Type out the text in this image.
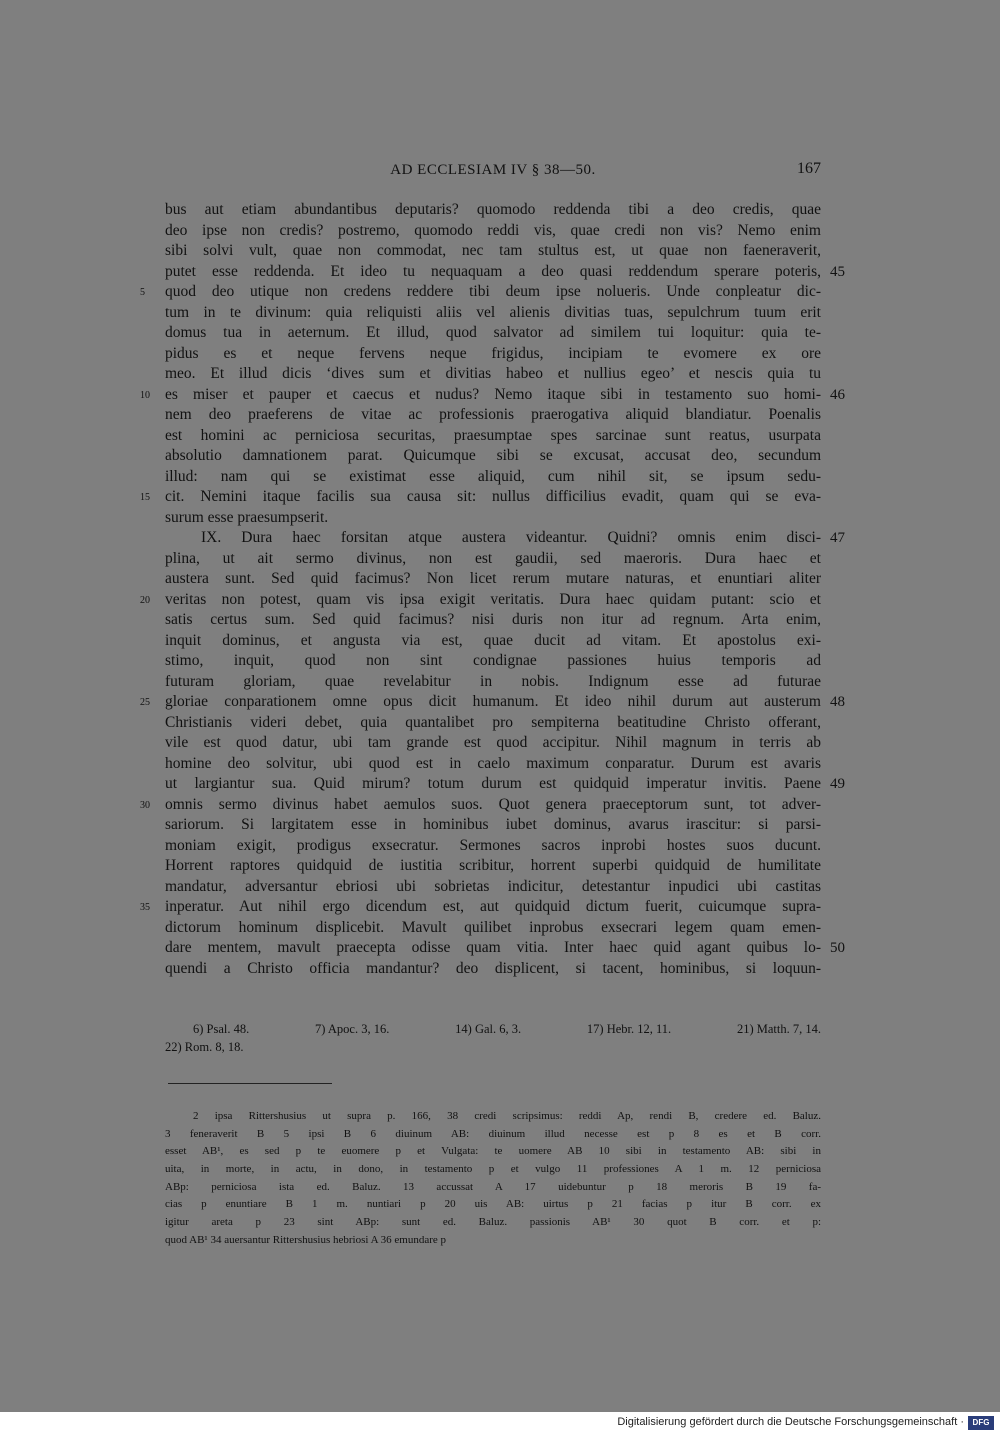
AD ECCLESIAM IV § 38—50.	167
bus aut etiam abundantibus deputaris? quomodo reddenda tibi a deo credis, quae
deo ipse non credis? postremo, quomodo reddi vis, quae credi non vis? Nemo enim
sibi solvi vult, quae non commodat, nec tam stultus est, ut quae non faeneraverit,
putet esse reddenda. Et ideo tu nequaquam a deo quasi reddendum sperare poteris, 45
quod deo utique non credens reddere tibi deum ipse nolueris. Unde conpleatur dic-
5
tum in te divinum: quia reliquisti aliis vel alienis divitias tuas, sepulchrum tuum erit
domus tua in aeternum. Et illud, quod salvator ad similem tui loquitur: quia te-
pidus es et neque fervens neque frigidus, incipiam te evomere ex ore
meo. Et illud dicis ‘dives sum et divitias habeo et nullius egeo’ et nescis quia tu
es miser et pauper et caecus et nudus? Nemo itaque sibi in testamento suo homi-
10	46
nem deo praeferens de vitae ac professionis praerogativa aliquid blandiatur. Poenalis
est homini ac perniciosa securitas, praesumptae spes sarcinae sunt reatus, usurpata
absolutio damnationem parat. Quicumque sibi se excusat, accusat deo, secundum
illud: nam qui se existimat esse aliquid, cum nihil sit, se ipsum sedu-
cit. Nemini itaque facilis sua causa sit: nullus difficilius evadit, quam qui se eva-
15
surum esse praesumpserit.
IX. Dura haec forsitan atque austera videantur. Quidni? omnis enim disci- 47
plina, ut ait sermo divinus, non est gaudii, sed maeroris. Dura haec et
austera sunt. Sed quid facimus? Non licet rerum mutare naturas, et enuntiari aliter
veritas non potest, quam vis ipsa exigit veritatis. Dura haec quidam putant: scio et
20
satis certus sum. Sed quid facimus? nisi duris non itur ad regnum. Arta enim,
inquit dominus, et angusta via est, quae ducit ad vitam. Et apostolus exi-
stimo, inquit, quod non sint condignae passiones huius temporis ad
futuram gloriam, quae revelabitur in nobis. Indignum esse ad futurae
gloriae conparationem omne opus dicit humanum. Et ideo nihil durum aut austerum
25	48
Christianis videri debet, quia quantalibet pro sempiterna beatitudine Christo offerant,
vile est quod datur, ubi tam grande est quod accipitur. Nihil magnum in terris ab
homine deo solvitur, ubi quod est in caelo maximum conparatur. Durum est avaris
ut largiantur sua. Quid mirum? totum durum est quidquid imperatur invitis. Paene 49
omnis sermo divinus habet aemulos suos. Quot genera praeceptorum sunt, tot adver-
30
sariorum. Si largitatem esse in hominibus iubet dominus, avarus irascitur: si parsi-
moniam exigit, prodigus exsecratur. Sermones sacros inprobi hostes suos ducunt.
Horrent raptores quidquid de iustitia scribitur, horrent superbi quidquid de humilitate
mandatur, adversantur ebriosi ubi sobrietas indicitur, detestantur inpudici ubi castitas
inperatur. Aut nihil ergo dicendum est, aut quidquid dictum fuerit, cuicumque supra-
35
dictorum hominum displicebit. Mavult quilibet inprobus exsecrari legem quam emen-
dare mentem, mavult praecepta odisse quam vitia. Inter haec quid agant quibus lo- 50
quendi a Christo officia mandantur? deo displicent, si tacent, hominibus, si loquun-
6) Psal. 48.	7) Apoc. 3, 16.	14) Gal. 6, 3.	17) Hebr. 12, 11.	21) Matth. 7, 14.
22) Rom. 8, 18.
2 ipsa Rittershusius ut supra p. 166, 38 credi scripsimus: reddi Ap, rendi B, credere ed. Baluz.
3 feneraverit B 5 ipsi B 6 diuinum AB: diuinum illud necesse est p 8 es et B corr.
esset AB¹, es sed p te euomere p et Vulgata: te uomere AB 10 sibi in testamento AB: sibi in
uita, in morte, in actu, in dono, in testamento p et vulgo 11 professiones A 1 m. 12 perniciosa
ABp: perniciosa ista ed. Baluz. 13 accussat A 17 uidebuntur p 18 meroris B 19 fa-
cias p enuntiare B 1 m. nuntiari p 20 uis AB: uirtus p 21 facias p itur B corr. ex
igitur areta p 23 sint ABp: sunt ed. Baluz. passionis AB¹ 30 quot B corr. et p:
quod AB¹ 34 auersantur Rittershusius hebriosi A 36 emundare p
Digitalisierung gefördert durch die Deutsche Forschungsgemeinschaft ·	DFG
